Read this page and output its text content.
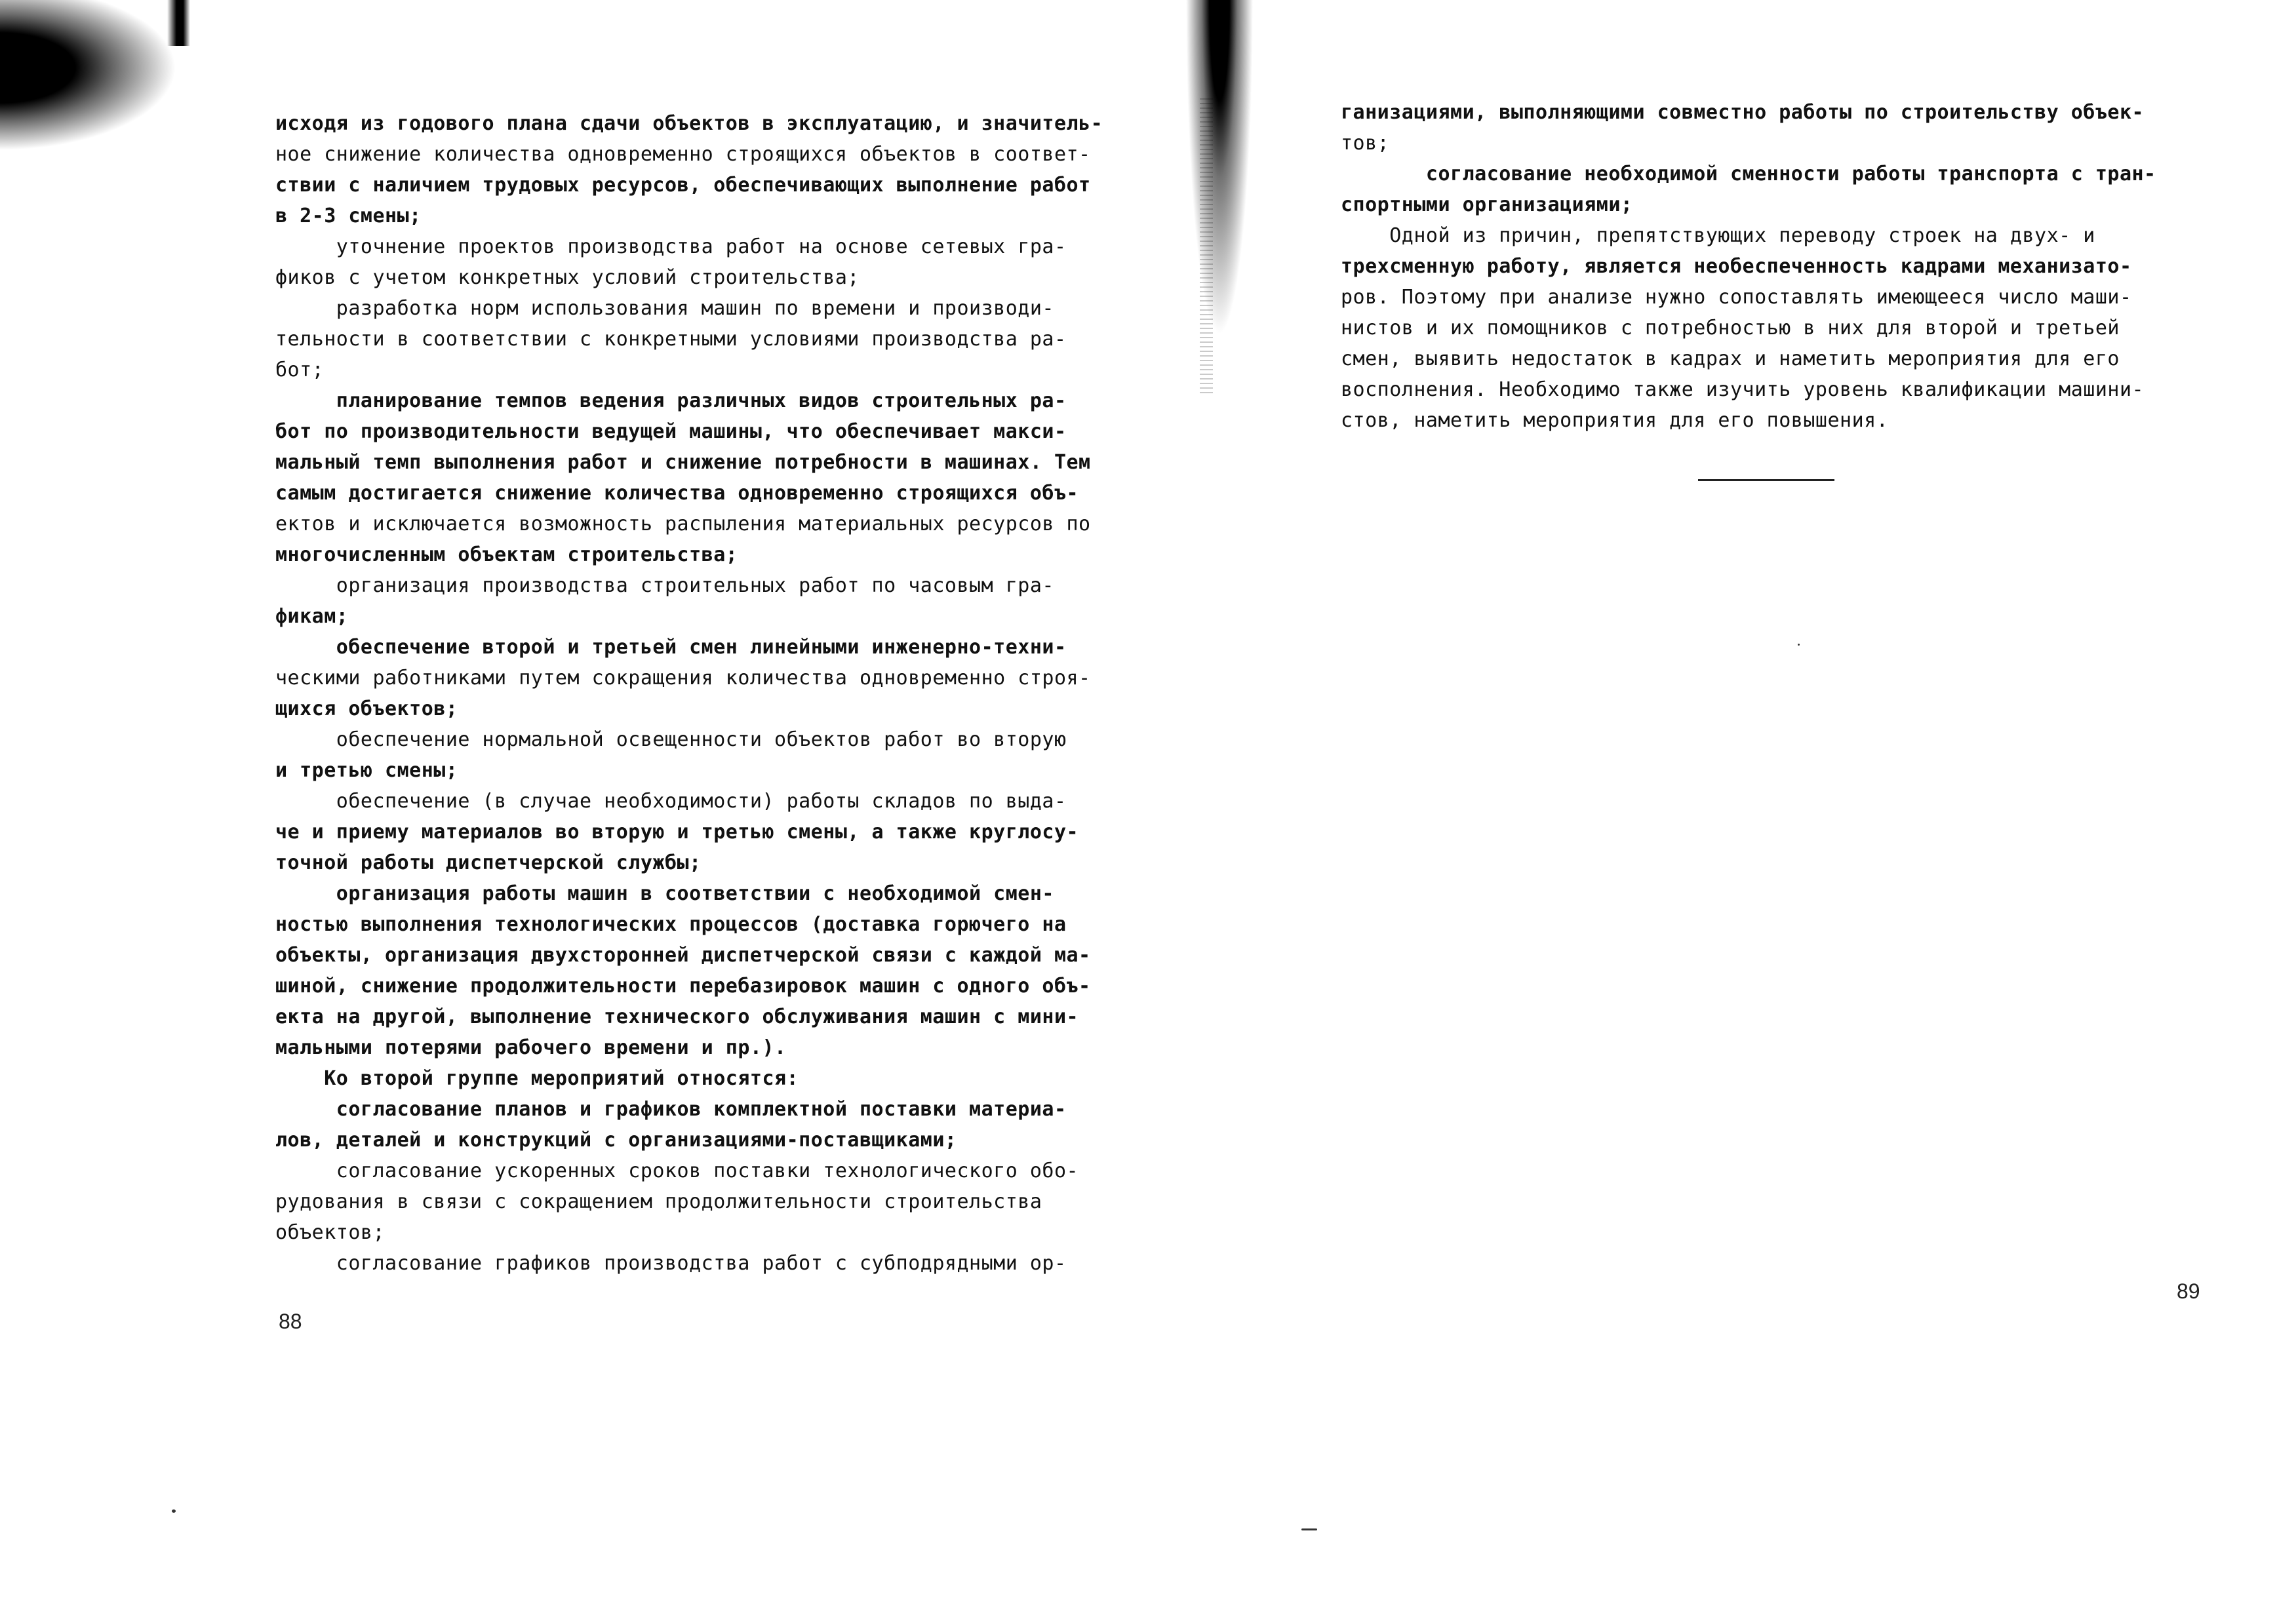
исходя из годового плана сдачи объектов в эксплуатацию, и значитель-
ное снижение количества одновременно строящихся объектов в соответ-
ствии с наличием трудовых ресурсов, обеспечивающих выполнение работ
в 2-3 смены;
уточнение проектов производства работ на основе сетевых гра-
фиков с учетом конкретных условий строительства;
разработка норм использования машин по времени и производи-
тельности в соответствии с конкретными условиями производства ра-
бот;
планирование темпов ведения различных видов строительных ра-
бот по производительности ведущей машины, что обеспечивает макси-
мальный темп выполнения работ и снижение потребности в машинах. Тем
самым достигается снижение количества одновременно строящихся объ-
ектов и исключается возможность распыления материальных ресурсов по
многочисленным объектам строительства;
организация производства строительных работ по часовым гра-
фикам;
обеспечение второй и третьей смен линейными инженерно-техни-
ческими работниками путем сокращения количества одновременно строя-
щихся объектов;
обеспечение нормальной освещенности объектов работ во вторую
и третью смены;
обеспечение (в случае необходимости) работы складов по выда-
че и приему материалов во вторую и третью смены, а также круглосу-
точной работы диспетчерской службы;
организация работы машин в соответствии с необходимой смен-
ностью выполнения технологических процессов (доставка горючего на
объекты, организация двухсторонней диспетчерской связи с каждой ма-
шиной, снижение продолжительности перебазировок машин с одного объ-
екта на другой, выполнение технического обслуживания машин с мини-
мальными потерями рабочего времени и пр.).
Ко второй группе мероприятий относятся:
согласование планов и графиков комплектной поставки материа-
лов, деталей и конструкций с организациями-поставщиками;
согласование ускоренных сроков поставки технологического обо-
рудования в связи с сокращением продолжительности строительства
объектов;
согласование графиков производства работ с субподрядными ор-
88
ганизациями, выполняющими совместно работы по строительству объек-
тов;
согласование необходимой сменности работы транспорта с тран-
спортными организациями;
Одной из причин, препятствующих переводу строек на двух- и
трехсменную работу, является необеспеченность кадрами механизато-
ров. Поэтому при анализе нужно сопоставлять имеющееся число маши-
нистов и их помощников с потребностью в них для второй и третьей
смен, выявить недостаток в кадрах и наметить мероприятия для его
восполнения. Необходимо также изучить уровень квалификации машини-
стов, наметить мероприятия для его повышения.
89
